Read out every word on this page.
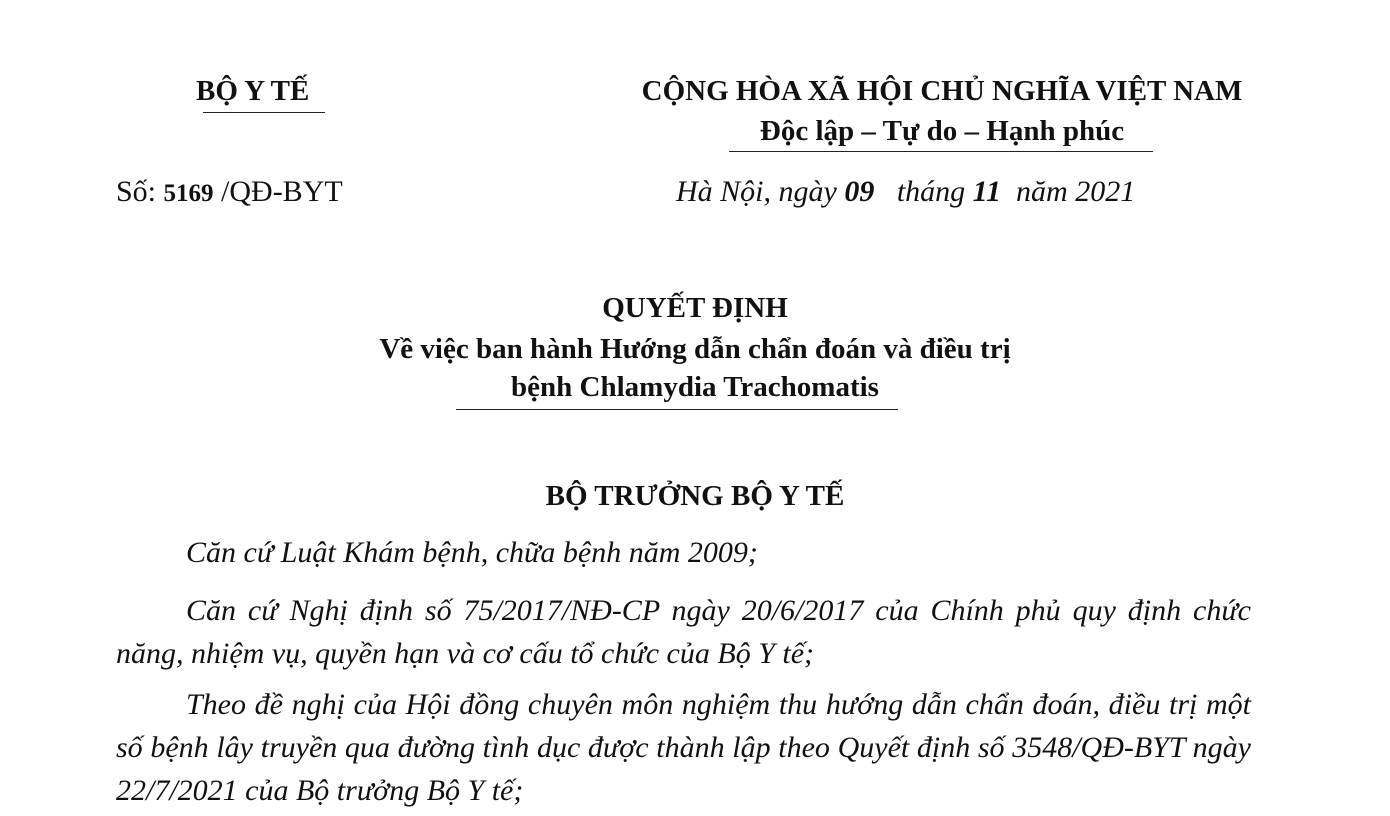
BỘ Y TẾ	CỘNG HÒA XÃ HỘI CHỦ NGHĨA VIỆT NAM
Độc lập – Tự do – Hạnh phúc
Số: 5169 /QĐ-BYT	Hà Nội, ngày 09 tháng 11 năm 2021
QUYẾT ĐỊNH
Về việc ban hành Hướng dẫn chẩn đoán và điều trị
bệnh Chlamydia Trachomatis
BỘ TRƯỞNG BỘ Y TẾ

Căn cứ Luật Khám bệnh, chữa bệnh năm 2009;

Căn cứ Nghị định số 75/2017/NĐ-CP ngày 20/6/2017 của Chính phủ quy định chức năng, nhiệm vụ, quyền hạn và cơ cấu tổ chức của Bộ Y tế;

Theo đề nghị của Hội đồng chuyên môn nghiệm thu hướng dẫn chẩn đoán, điều trị một số bệnh lây truyền qua đường tình dục được thành lập theo Quyết định số 3548/QĐ-BYT ngày 22/7/2021 của Bộ trưởng Bộ Y tế;
